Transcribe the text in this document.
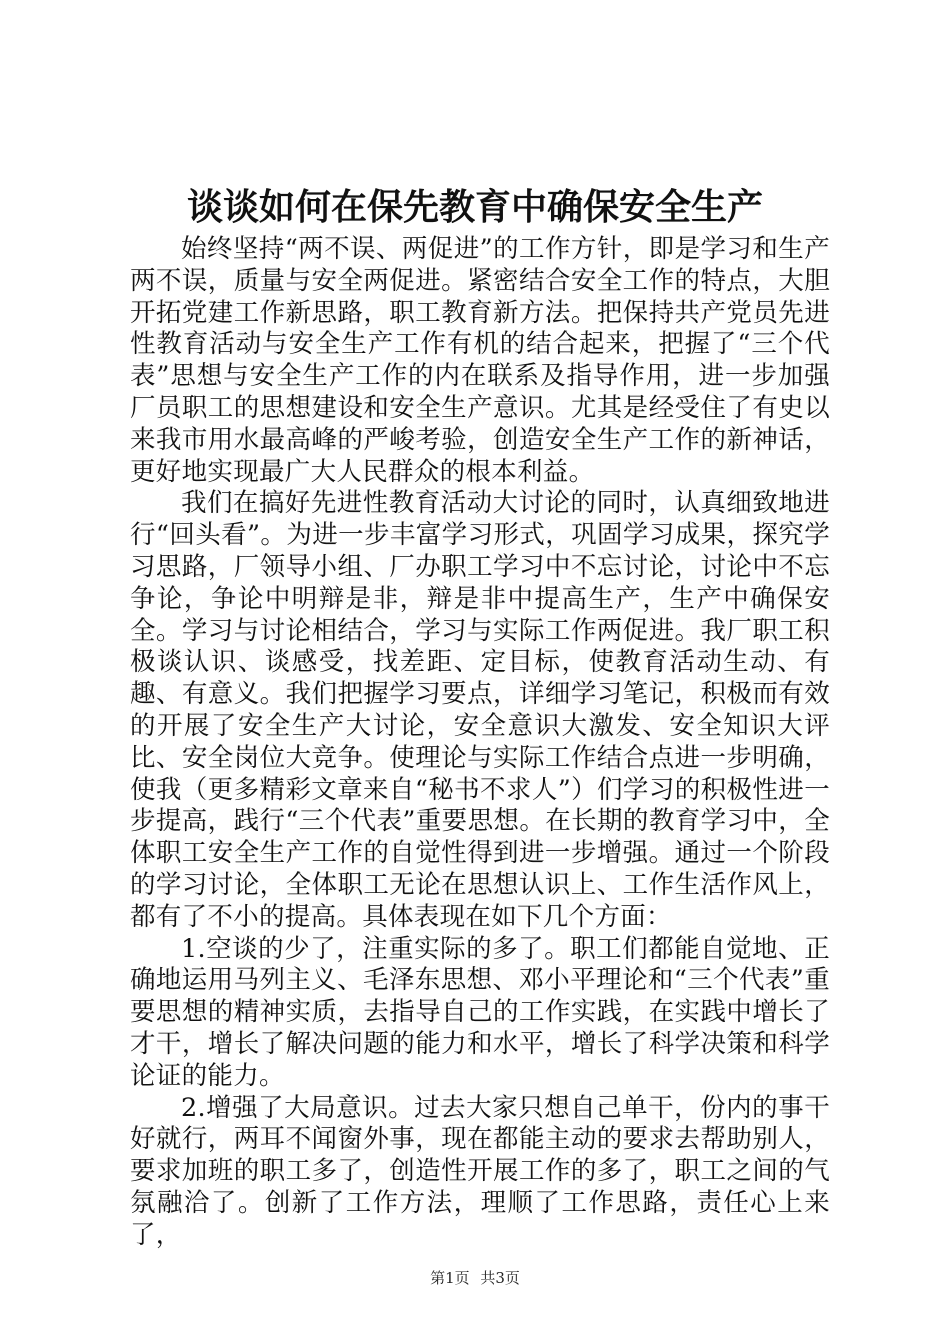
谈谈如何在保先教育中确保安全生产

始终坚持“两不误、两促进”的工作方针，即是学习和生产两不误，质量与安全两促进。紧密结合安全工作的特点，大胆开拓党建工作新思路，职工教育新方法。把保持共产党员先进性教育活动与安全生产工作有机的结合起来，把握了“三个代表”思想与安全生产工作的内在联系及指导作用，进一步加强厂员职工的思想建设和安全生产意识。尤其是经受住了有史以来我市用水最高峰的严峻考验，创造安全生产工作的新神话，更好地实现最广大人民群众的根本利益。

我们在搞好先进性教育活动大讨论的同时，认真细致地进行“回头看”。为进一步丰富学习形式，巩固学习成果，探究学习思路，厂领导小组、厂办职工学习中不忘讨论，讨论中不忘争论，争论中明辩是非，辩是非中提高生产，生产中确保安全。学习与讨论相结合，学习与实际工作两促进。我厂职工积极谈认识、谈感受，找差距、定目标，使教育活动生动、有趣、有意义。我们把握学习要点，详细学习笔记，积极而有效的开展了安全生产大讨论，安全意识大激发、安全知识大评比、安全岗位大竞争。使理论与实际工作结合点进一步明确，使我（更多精彩文章来自“秘书不求人”）们学习的积极性进一步提高，践行“三个代表”重要思想。在长期的教育学习中，全体职工安全生产工作的自觉性得到进一步增强。通过一个阶段的学习讨论，全体职工无论在思想认识上、工作生活作风上，都有了不小的提高。具体表现在如下几个方面：

1.空谈的少了，注重实际的多了。职工们都能自觉地、正确地运用马列主义、毛泽东思想、邓小平理论和“三个代表”重要思想的精神实质，去指导自己的工作实践，在实践中增长了才干，增长了解决问题的能力和水平，增长了科学决策和科学论证的能力。

2.增强了大局意识。过去大家只想自己单干，份内的事干好就行，两耳不闻窗外事，现在都能主动的要求去帮助别人，要求加班的职工多了，创造性开展工作的多了，职工之间的气氛融洽了。创新了工作方法，理顺了工作思路，责任心上来了，

第1页 共3页
